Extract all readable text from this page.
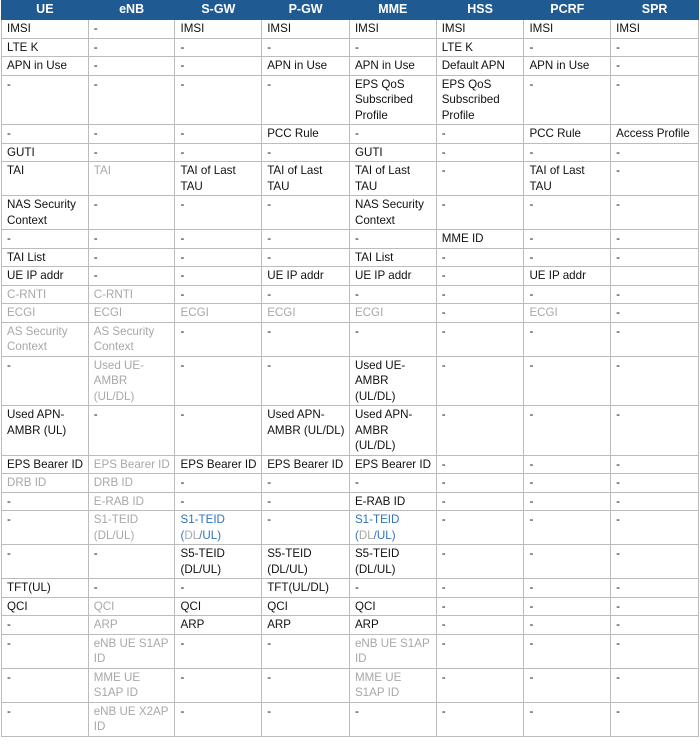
UE	eNB	S-GW	P-GW	MME	HSS	PCRF	SPR
IMSI	-	IMSI	IMSI	IMSI	IMSI	IMSI	IMSI
LTE K	-	-	-	-	LTE K	-	-
APN in Use	-	-	APN in Use	APN in Use	Default APN	APN in Use	-
-	-	-	-	EPS QoS Subscribed Profile	EPS QoS Subscribed Profile	-	-
-	-	-	PCC Rule	-	-	PCC Rule	Access Profile
GUTI	-	-	-	GUTI	-	-	-
TAI	TAI	TAI of Last TAU	TAI of Last TAU	TAI of Last TAU	-	TAI of Last TAU	-
NAS Security Context	-	-	-	NAS Security Context	-	-	-
-	-	-	-	-	MME ID	-	-
TAI List	-	-	-	TAI List	-	-	-
UE IP addr	-	-	UE IP addr	UE IP addr	-	UE IP addr	
C-RNTI	C-RNTI	-	-	-	-	-	-
ECGI	ECGI	ECGI	ECGI	ECGI	-	ECGI	-
AS Security Context	AS Security Context	-	-	-	-	-	-
-	Used UE-AMBR (UL/DL)	-	-	Used UE-AMBR (UL/DL)	-	-	-
Used APN-AMBR (UL)	-	-	Used APN-AMBR (UL/DL)	Used APN-AMBR (UL/DL)	-	-	-
EPS Bearer ID	EPS Bearer ID	EPS Bearer ID	EPS Bearer ID	EPS Bearer ID	-	-	-
DRB ID	DRB ID	-	-	-	-	-	-
-	E-RAB ID	-	-	E-RAB ID	-	-	-
-	S1-TEID (DL/UL)	S1-TEID (DL/UL)	-	S1-TEID (DL/UL)	-	-	-
-	-	S5-TEID (DL/UL)	S5-TEID (DL/UL)	S5-TEID (DL/UL)	-	-	-
TFT(UL)	-	-	TFT(UL/DL)	-	-	-	-
QCI	QCI	QCI	QCI	QCI	-	-	-
-	ARP	ARP	ARP	ARP	-	-	-
-	eNB UE S1AP ID	-	-	eNB UE S1AP ID	-	-	-
-	MME UE S1AP ID	-	-	MME UE S1AP ID	-	-	-
-	eNB UE X2AP ID	-	-	-	-	-	-
